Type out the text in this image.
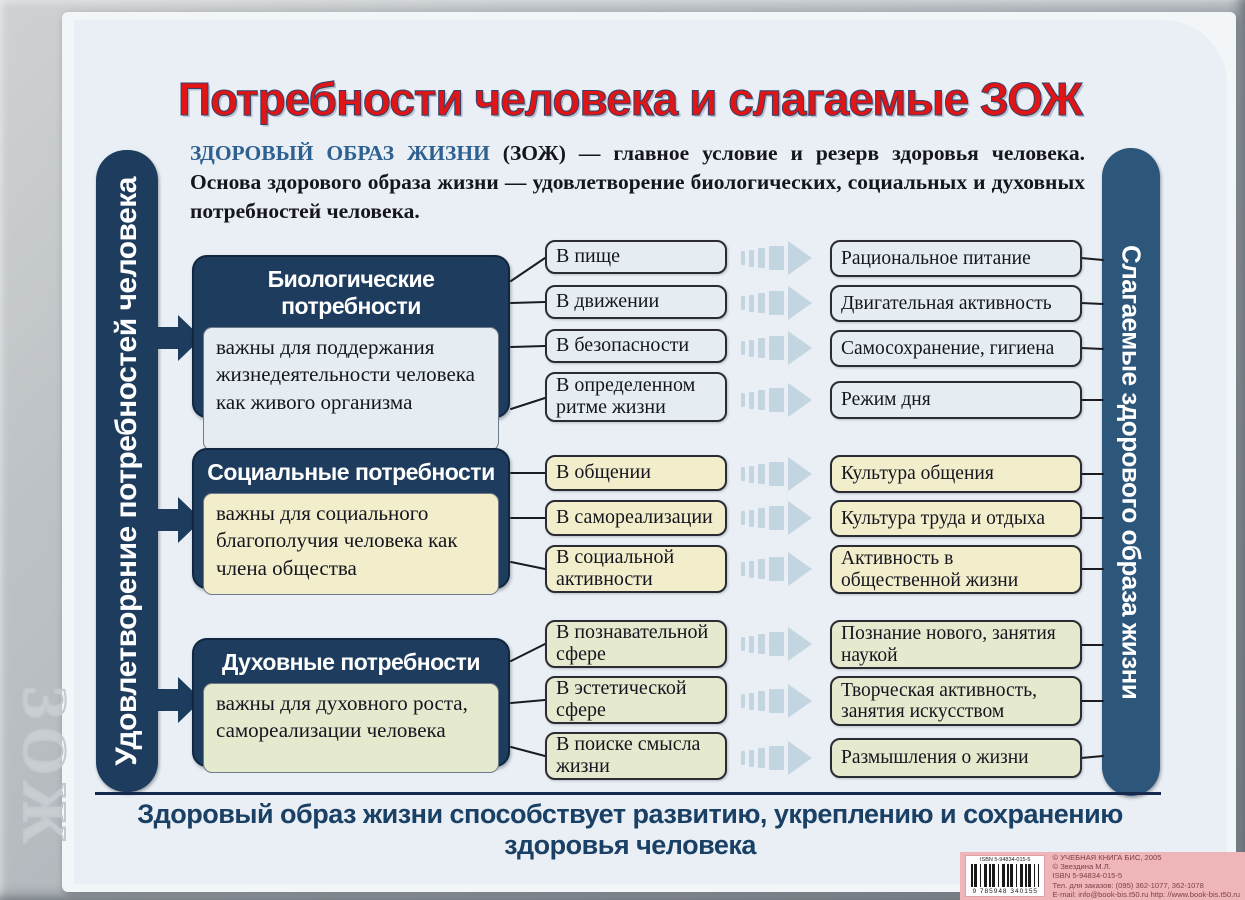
ЗОЖ
Потребности человека и слагаемые ЗОЖ
ЗДОРОВЫЙ ОБРАЗ ЖИЗНИ (ЗОЖ) — главное условие и резерв здоровья человека. Основа здорового образа жизни — удовлетворение биологических, социальных и духовных потребностей человека.
Удовлетворение потребностей человека	Слагаемые здорового образа жизни
Биологические потребности
важны для поддержания жизнедеятельности человека как живого организма
В пище
В движении
В безопасности
В определенном ритме жизни
Рациональное питание
Двигательная активность
Самосохранение, гигиена
Режим дня
Социальные потребности
важны для социального благополучия человека как члена общества
В общении
В самореализации
В социальной активности
Культура общения
Культура труда и отдыха
Активность в общественной жизни
Духовные потребности
важны для духовного роста, самореализации человека
В познавательной сфере
В эстетической сфере
В поиске смысла жизни
Познание нового, занятия наукой
Творческая активность, занятия искусством
Размышления о жизни
Здоровый образ жизни способствует развитию, укреплению и сохранению здоровья человека	ISBN 5-94834-015-5
9 785948 340155
© УЧЕБНАЯ КНИГА БИС, 2005
© Звездина М.Л.
ISBN 5-94834-015-5
Тел. для заказов: (095) 362-1077, 362-1078
E-mail: info@book-bis.t50.ru http: //www.book-bis.t50.ru
